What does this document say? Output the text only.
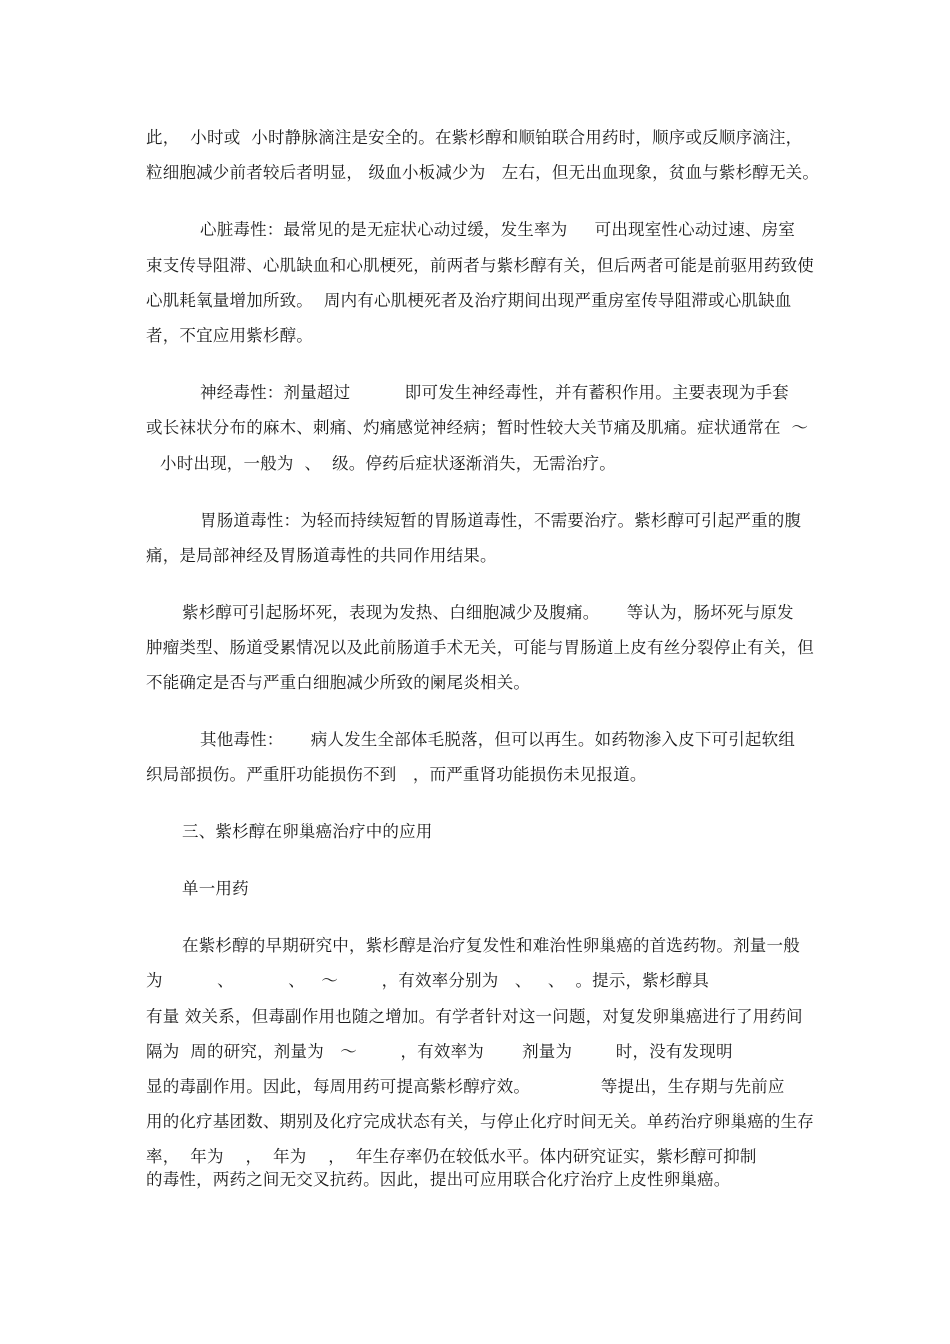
此，  小时或  小时静脉滴注是安全的。在紫杉醇和顺铂联合用药时，顺序或反顺序滴注，
粒细胞减少前者较后者明显， 级血小板减少为   左右，但无出血现象，贫血与紫杉醇无关。
心脏毒性：最常见的是无症状心动过缓，发生率为     可出现室性心动过速、房室
束支传导阻滞、心肌缺血和心肌梗死，前两者与紫杉醇有关，但后两者可能是前驱用药致使
心肌耗氧量增加所致。  周内有心肌梗死者及治疗期间出现严重房室传导阻滞或心肌缺血
者，不宜应用紫杉醇。
神经毒性：剂量超过          即可发生神经毒性，并有蓄积作用。主要表现为手套
或长袜状分布的麻木、刺痛、灼痛感觉神经病；暂时性较大关节痛及肌痛。症状通常在  ～
小时出现，一般为  、  级。停药后症状逐渐消失，无需治疗。
胃肠道毒性：为轻而持续短暂的胃肠道毒性，不需要治疗。紫杉醇可引起严重的腹
痛，是局部神经及胃肠道毒性的共同作用结果。
紫杉醇可引起肠坏死，表现为发热、白细胞减少及腹痛。     等认为，肠坏死与原发
肿瘤类型、肠道受累情况以及此前肠道手术无关，可能与胃肠道上皮有丝分裂停止有关，但
不能确定是否与严重白细胞减少所致的阑尾炎相关。
其他毒性：     病人发生全部体毛脱落，但可以再生。如药物渗入皮下可引起软组
织局部损伤。严重肝功能损伤不到   ，而严重肾功能损伤未见报道。
三、紫杉醇在卵巢癌治疗中的应用
单一用药
在紫杉醇的早期研究中，紫杉醇是治疗复发性和难治性卵巢癌的首选药物。剂量一般
为          、          、   ～        ，有效率分别为   、   、  。提示，紫杉醇具
有量 效关系，但毒副作用也随之增加。有学者针对这一问题，对复发卵巢癌进行了用药间
隔为  周的研究，剂量为   ～        ，有效率为       剂量为        时，没有发现明
显的毒副作用。因此，每周用药可提高紫杉醇疗效。             等提出，生存期与先前应
用的化疗基团数、期别及化疗完成状态有关，与停止化疗时间无关。单药治疗卵巢癌的生存
率，  年为    ，  年为    ，  年生存率仍在较低水平。体内研究证实，紫杉醇可抑制
的毒性，两药之间无交叉抗药。因此，提出可应用联合化疗治疗上皮性卵巢癌。
